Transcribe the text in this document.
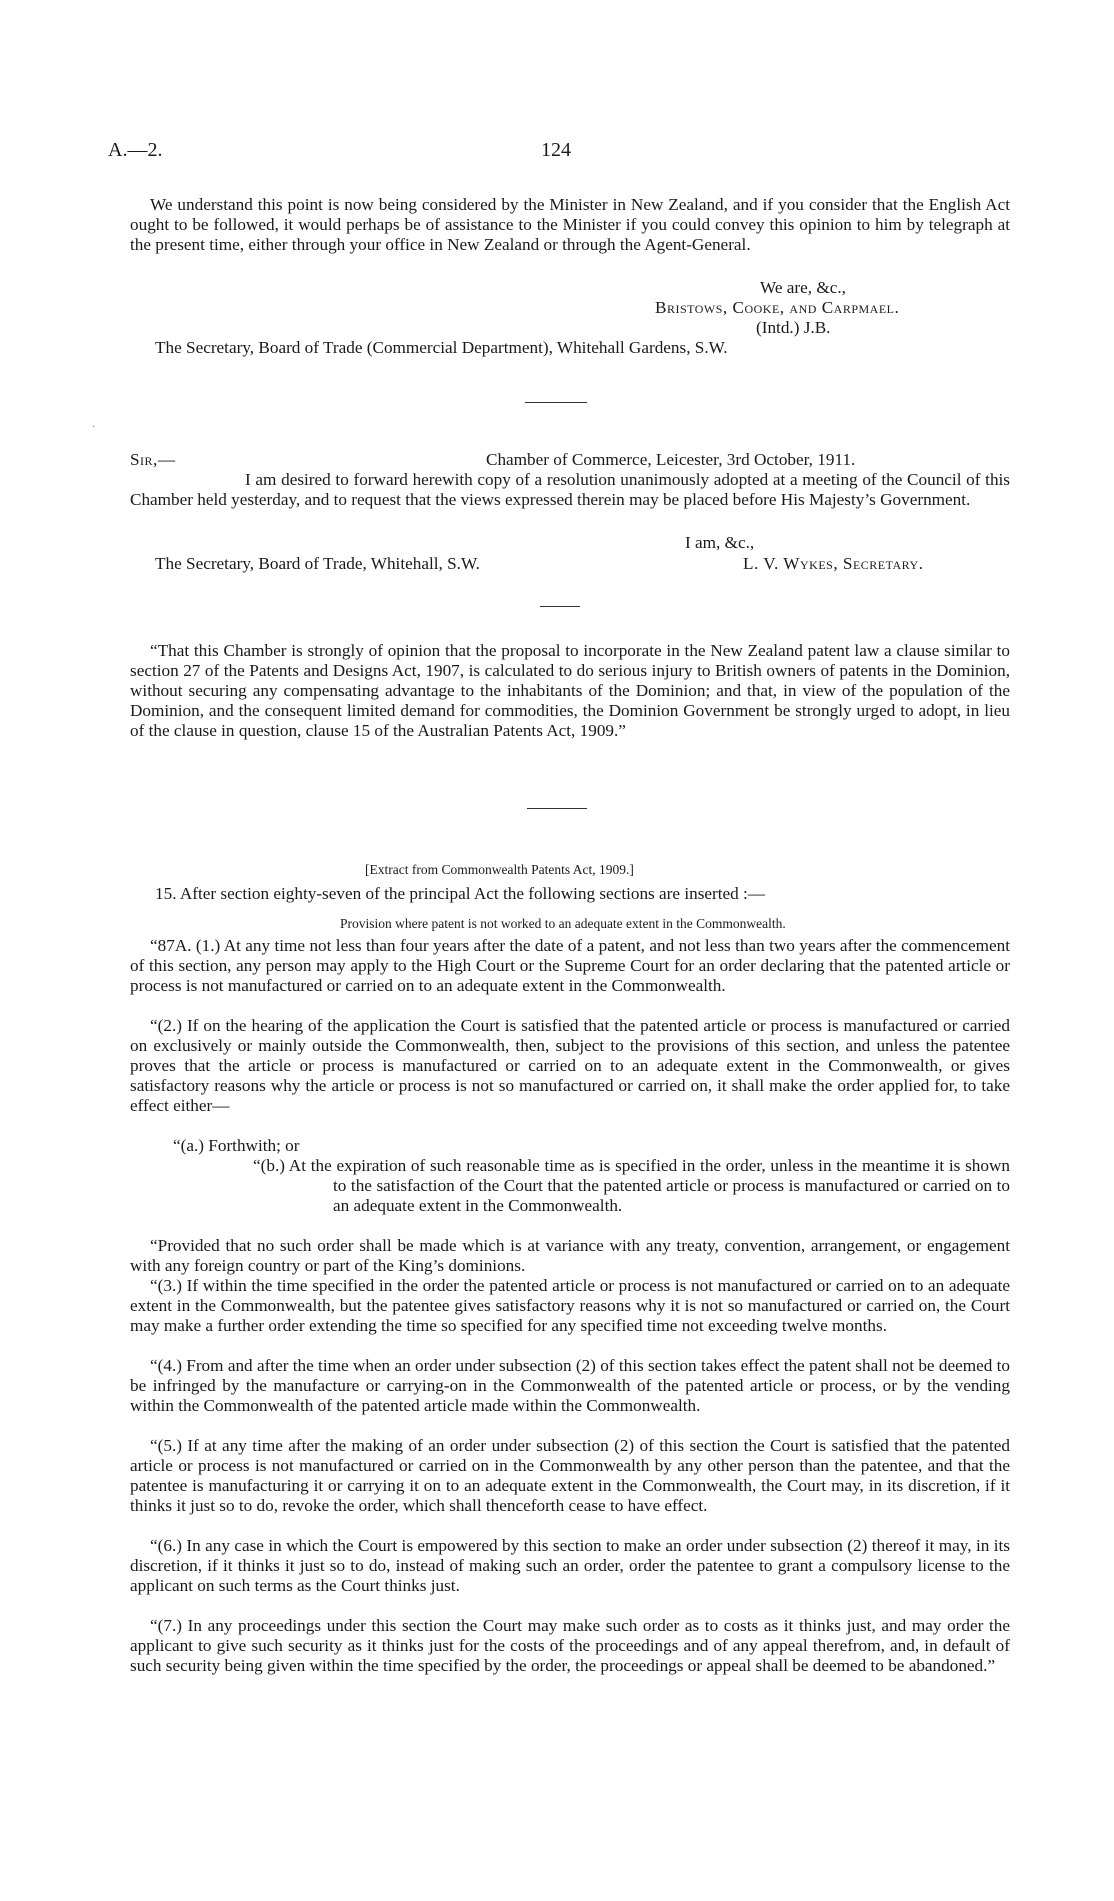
A.—2.	124

We understand this point is now being considered by the Minister in New Zealand, and if you consider that the English Act ought to be followed, it would perhaps be of assistance to the Minister if you could convey this opinion to him by telegraph at the present time, either through your office in New Zealand or through the Agent-General.

We are, &c.,

Bristows, Cooke, and Carpmael.

(Intd.) J.B.

The Secretary, Board of Trade (Commercial Department), Whitehall Gardens, S.W.

·

Sir,—	Chamber of Commerce, Leicester, 3rd October, 1911.

I am desired to forward herewith copy of a resolution unanimously adopted at a meeting of the Council of this Chamber held yesterday, and to request that the views expressed therein may be placed before His Majesty’s Government.

I am, &c.,

The Secretary, Board of Trade, Whitehall, S.W.	L. V. Wykes, Secretary.

“That this Chamber is strongly of opinion that the proposal to incorporate in the New Zealand patent law a clause similar to section 27 of the Patents and Designs Act, 1907, is calculated to do serious injury to British owners of patents in the Dominion, without securing any compensating advantage to the inhabitants of the Dominion; and that, in view of the population of the Dominion, and the consequent limited demand for commodities, the Dominion Government be strongly urged to adopt, in lieu of the clause in question, clause 15 of the Australian Patents Act, 1909.”

[Extract from Commonwealth Patents Act, 1909.]

15. After section eighty-seven of the principal Act the following sections are inserted :—

Provision where patent is not worked to an adequate extent in the Commonwealth.

“87A. (1.) At any time not less than four years after the date of a patent, and not less than two years after the commencement of this section, any person may apply to the High Court or the Supreme Court for an order declaring that the patented article or process is not manufactured or carried on to an adequate extent in the Commonwealth.

“(2.) If on the hearing of the application the Court is satisfied that the patented article or process is manufactured or carried on exclusively or mainly outside the Commonwealth, then, subject to the provisions of this section, and unless the patentee proves that the article or process is manufactured or carried on to an adequate extent in the Commonwealth, or gives satisfactory reasons why the article or process is not so manufactured or carried on, it shall make the order applied for, to take effect either—

“(a.) Forthwith; or

“(b.) At the expiration of such reasonable time as is specified in the order, unless in the meantime it is shown to the satisfaction of the Court that the patented article or process is manufactured or carried on to an adequate extent in the Commonwealth.

“Provided that no such order shall be made which is at variance with any treaty, convention, arrangement, or engagement with any foreign country or part of the King’s dominions.

“(3.) If within the time specified in the order the patented article or process is not manufactured or carried on to an adequate extent in the Commonwealth, but the patentee gives satisfactory reasons why it is not so manufactured or carried on, the Court may make a further order extending the time so specified for any specified time not exceeding twelve months.

“(4.) From and after the time when an order under subsection (2) of this section takes effect the patent shall not be deemed to be infringed by the manufacture or carrying-on in the Commonwealth of the patented article or process, or by the vending within the Commonwealth of the patented article made within the Commonwealth.

“(5.) If at any time after the making of an order under subsection (2) of this section the Court is satisfied that the patented article or process is not manufactured or carried on in the Commonwealth by any other person than the patentee, and that the patentee is manufacturing it or carrying it on to an adequate extent in the Commonwealth, the Court may, in its discretion, if it thinks it just so to do, revoke the order, which shall thenceforth cease to have effect.

“(6.) In any case in which the Court is empowered by this section to make an order under subsection (2) thereof it may, in its discretion, if it thinks it just so to do, instead of making such an order, order the patentee to grant a compulsory license to the applicant on such terms as the Court thinks just.

“(7.) In any proceedings under this section the Court may make such order as to costs as it thinks just, and may order the applicant to give such security as it thinks just for the costs of the proceedings and of any appeal therefrom, and, in default of such security being given within the time specified by the order, the proceedings or appeal shall be deemed to be abandoned.”
